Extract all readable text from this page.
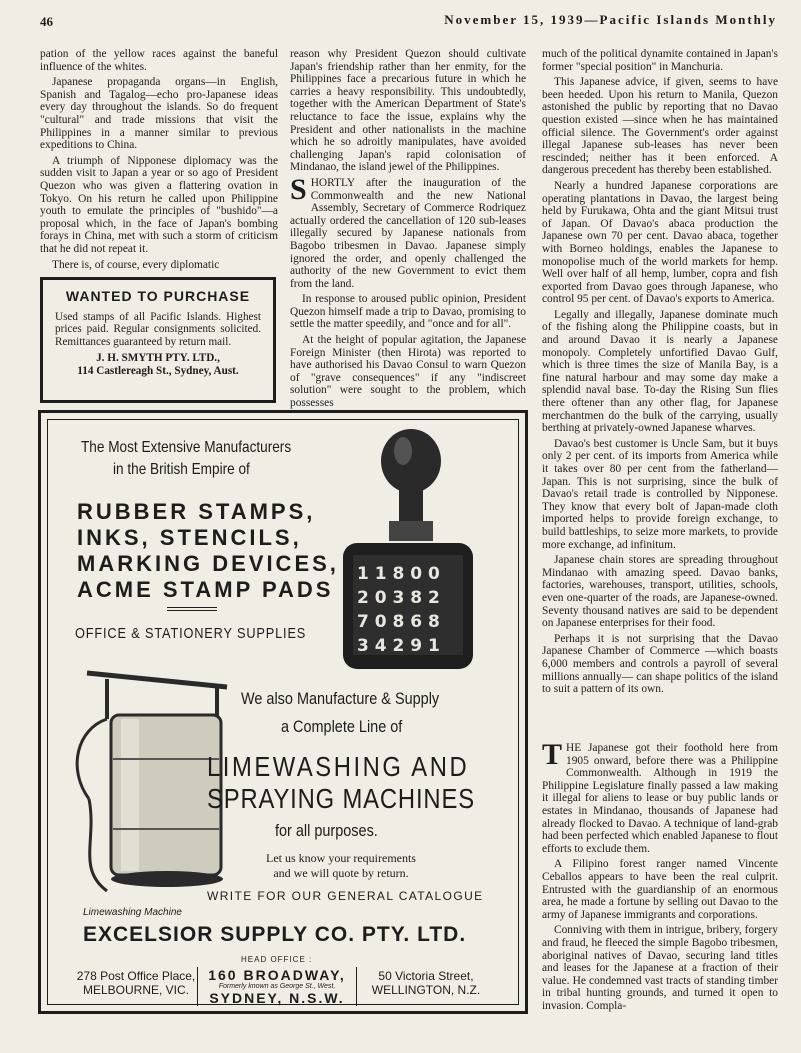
46	November 15, 1939—Pacific Islands Monthly

pation of the yellow races against the baneful influence of the whites.

Japanese propaganda organs—in English, Spanish and Tagalog—echo pro-Japanese ideas every day throughout the islands. So do frequent "cultural" and trade missions that visit the Philippines in a manner similar to previous expeditions to China.

A triumph of Nipponese diplomacy was the sudden visit to Japan a year or so ago of President Quezon who was given a flattering ovation in Tokyo. On his return he called upon Philippine youth to emulate the principles of "bushido"—a proposal which, in the face of Japan's bombing forays in China, met with such a storm of criticism that he did not repeat it.

There is, of course, every diplomatic

WANTED TO PURCHASE
Used stamps of all Pacific Islands. Highest prices paid. Regular consignments solicited. Remittances guaranteed by return mail.
J. H. SMYTH PTY. LTD.,
114 Castlereagh St., Sydney, Aust.

reason why President Quezon should cultivate Japan's friendship rather than her enmity, for the Philippines face a precarious future in which he carries a heavy responsibility. This undoubtedly, together with the American Department of State's reluctance to face the issue, explains why the President and other nationalists in the machine which he so adroitly manipulates, have avoided challenging Japan's rapid colonisation of Mindanao, the island jewel of the Philippines.

SHORTLY after the inauguration of the Commonwealth and the new National Assembly, Secretary of Commerce Rodriquez actually ordered the cancellation of 120 sub-leases illegally secured by Japanese nationals from Bagobo tribesmen in Davao. Japanese simply ignored the order, and openly challenged the authority of the new Government to evict them from the land.

In response to aroused public opinion, President Quezon himself made a trip to Davao, promising to settle the matter speedily, and "once and for all".

At the height of popular agitation, the Japanese Foreign Minister (then Hirota) was reported to have authorised his Davao Consul to warn Quezon of "grave consequences" if any "indiscreet solution" were sought to the problem, which possesses

much of the political dynamite contained in Japan's former "special position" in Manchuria.

This Japanese advice, if given, seems to have been heeded. Upon his return to Manila, Quezon astonished the public by reporting that no Davao question existed —since when he has maintained official silence. The Government's order against illegal Japanese sub-leases has never been rescinded; neither has it been enforced. A dangerous precedent has thereby been established.

Nearly a hundred Japanese corporations are operating plantations in Davao, the largest being held by Furukawa, Ohta and the giant Mitsui trust of Japan. Of Davao's abaca production the Japanese own 70 per cent. Davao abaca, together with Borneo holdings, enables the Japanese to monopolise much of the world markets for hemp. Well over half of all hemp, lumber, copra and fish exported from Davao goes through Japanese, who control 95 per cent. of Davao's exports to America.

Legally and illegally, Japanese dominate much of the fishing along the Philippine coasts, but in and around Davao it is nearly a Japanese monopoly. Completely unfortified Davao Gulf, which is three times the size of Manila Bay, is a fine natural harbour and may some day make a splendid naval base. To-day the Rising Sun flies there oftener than any other flag, for Japanese merchantmen do the bulk of the carrying, usually berthing at privately-owned Japanese wharves.

Davao's best customer is Uncle Sam, but it buys only 2 per cent. of its imports from America while it takes over 80 per cent from the fatherland—Japan. This is not surprising, since the bulk of Davao's retail trade is controlled by Nipponese. They know that every bolt of Japan-made cloth imported helps to provide foreign exchange, to build battleships, to seize more markets, to provide more exchange, ad infinitum.

Japanese chain stores are spreading throughout Mindanao with amazing speed. Davao banks, factories, warehouses, transport, utilities, schools, even one-quarter of the roads, are Japanese-owned. Seventy thousand natives are said to be dependent on Japanese enterprises for their food.

Perhaps it is not surprising that the Davao Japanese Chamber of Commerce —which boasts 6,000 members and controls a payroll of several millions annually— can shape politics of the island to suit a pattern of its own.

THE Japanese got their foothold here from 1905 onward, before there was a Philippine Commonwealth. Although in 1919 the Philippine Legislature finally passed a law making it illegal for aliens to lease or buy public lands or estates in Mindanao, thousands of Japanese had already flocked to Davao. A technique of land-grab had been perfected which enabled Japanese to flout efforts to exclude them.

A Filipino forest ranger named Vincente Ceballos appears to have been the real culprit. Entrusted with the guardianship of an enormous area, he made a fortune by selling out Davao to the army of Japanese immigrants and corporations.

Conniving with them in intrigue, bribery, forgery and fraud, he fleeced the simple Bagobo tribesmen, aboriginal natives of Davao, securing land titles and leases for the Japanese at a fraction of their value. He condemned vast tracts of standing timber in tribal hunting grounds, and turned it open to invasion. Compla-

The Most Extensive Manufacturers
in the British Empire of
RUBBER STAMPS,
INKS, STENCILS,
MARKING DEVICES,
ACME STAMP PADS
OFFICE & STATIONERY SUPPLIES
1 1 8 0 0
2 0 3 8 2
7 0 8 6 8
3 4 2 9 1
We also Manufacture & Supply
a Complete Line of
LIMEWASHING AND
SPRAYING MACHINES
for all purposes.
Let us know your requirements
and we will quote by return.
WRITE FOR OUR GENERAL CATALOGUE
Limewashing Machine
EXCELSIOR SUPPLY CO. PTY. LTD.
HEAD OFFICE :
278 Post Office Place,
MELBOURNE, VIC.
160 BROADWAY,
Formerly known as George St., West,
SYDNEY, N.S.W.
50 Victoria Street,
WELLINGTON, N.Z.
